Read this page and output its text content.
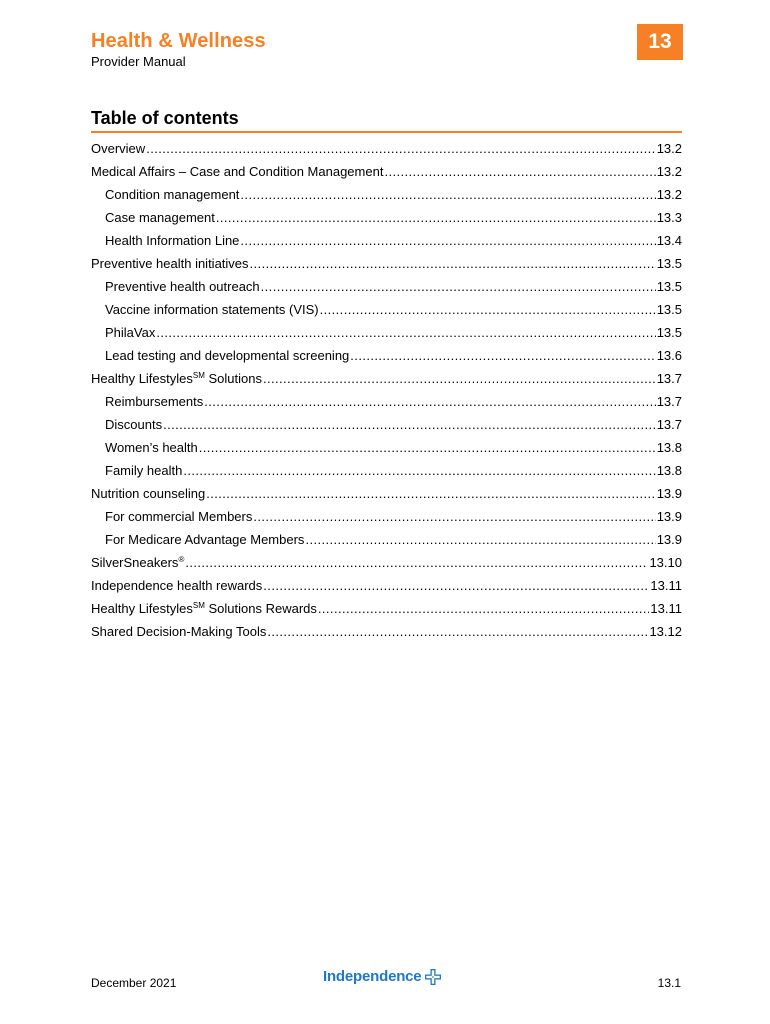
Health & Wellness
Provider Manual
13
Table of contents
Overview .....	13.2
Medical Affairs – Case and Condition Management .....	13.2
Condition management .....	13.2
Case management .....	13.3
Health Information Line .....	13.4
Preventive health initiatives .....	13.5
Preventive health outreach .....	13.5
Vaccine information statements (VIS) .....	13.5
PhilaVax .....	13.5
Lead testing and developmental screening .....	13.6
Healthy Lifestyles℠ Solutions .....	13.7
Reimbursements .....	13.7
Discounts .....	13.7
Women’s health .....	13.8
Family health .....	13.8
Nutrition counseling .....	13.9
For commercial Members .....	13.9
For Medicare Advantage Members .....	13.9
SilverSneakers® .....	13.10
Independence health rewards .....	13.11
Healthy Lifestyles℠ Solutions Rewards .....	13.11
Shared Decision-Making Tools .....	13.12
December 2021	Independence	13.1
